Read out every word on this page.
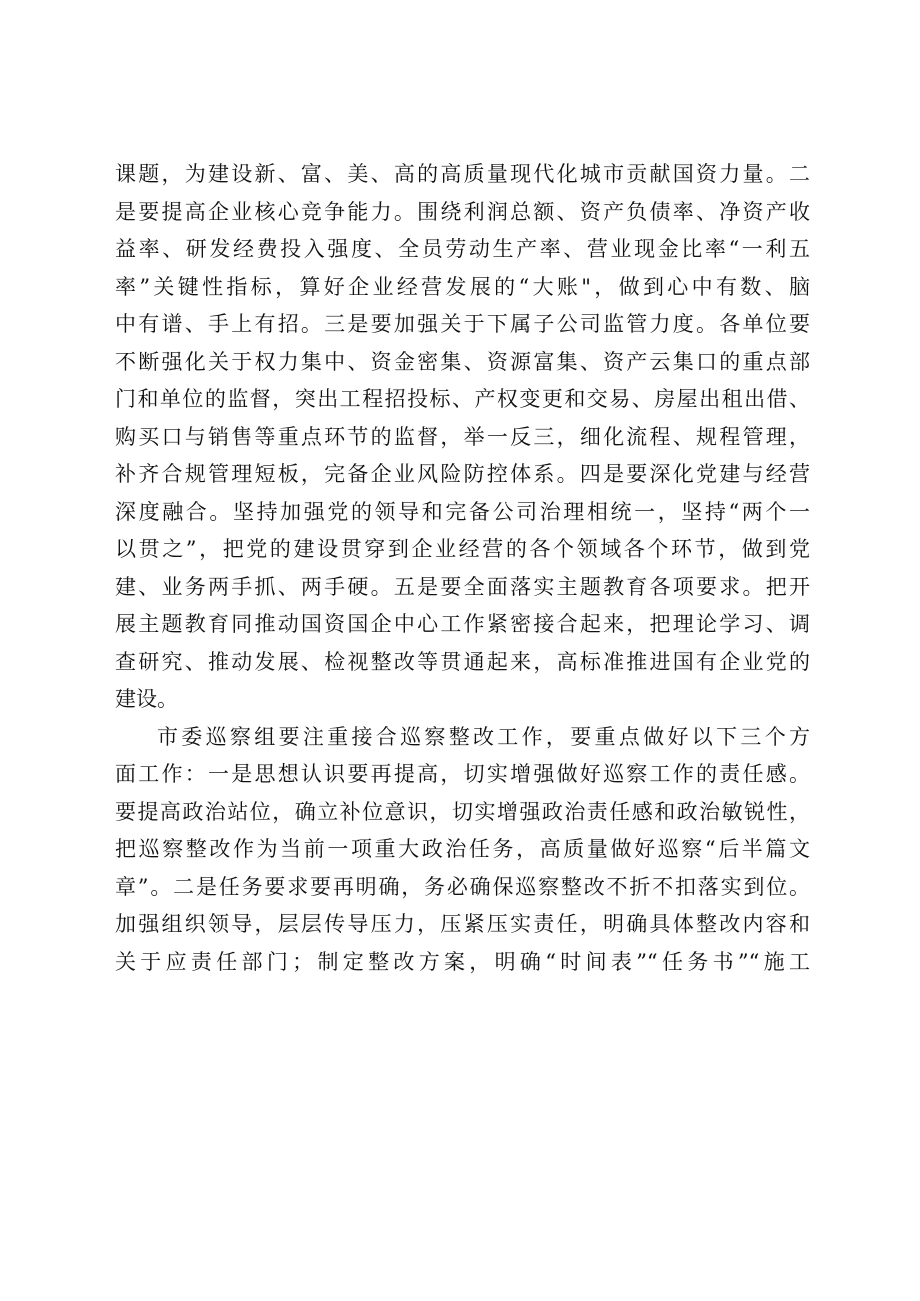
课题，为建设新、富、美、高的高质量现代化城市贡献国资力量。二
是要提高企业核心竞争能力。围绕利润总额、资产负债率、净资产收
益率、研发经费投入强度、全员劳动生产率、营业现金比率“一利五
率”关键性指标，算好企业经营发展的“大账"，做到心中有数、脑
中有谱、手上有招。三是要加强关于下属子公司监管力度。各单位要
不断强化关于权力集中、资金密集、资源富集、资产云集口的重点部
门和单位的监督，突出工程招投标、产权变更和交易、房屋出租出借、
购买口与销售等重点环节的监督，举一反三，细化流程、规程管理，
补齐合规管理短板，完备企业风险防控体系。四是要深化党建与经营
深度融合。坚持加强党的领导和完备公司治理相统一，坚持“两个一
以贯之”，把党的建设贯穿到企业经营的各个领域各个环节，做到党
建、业务两手抓、两手硬。五是要全面落实主题教育各项要求。把开
展主题教育同推动国资国企中心工作紧密接合起来，把理论学习、调
查研究、推动发展、检视整改等贯通起来，高标准推进国有企业党的
建设。
市委巡察组要注重接合巡察整改工作，要重点做好以下三个方
面工作：一是思想认识要再提高，切实增强做好巡察工作的责任感。
要提高政治站位，确立补位意识，切实增强政治责任感和政治敏锐性，
把巡察整改作为当前一项重大政治任务，高质量做好巡察“后半篇文
章”。二是任务要求要再明确，务必确保巡察整改不折不扣落实到位。
加强组织领导，层层传导压力，压紧压实责任，明确具体整改内容和
关于应责任部门；制定整改方案，明确“时间表”“任务书”“施工
